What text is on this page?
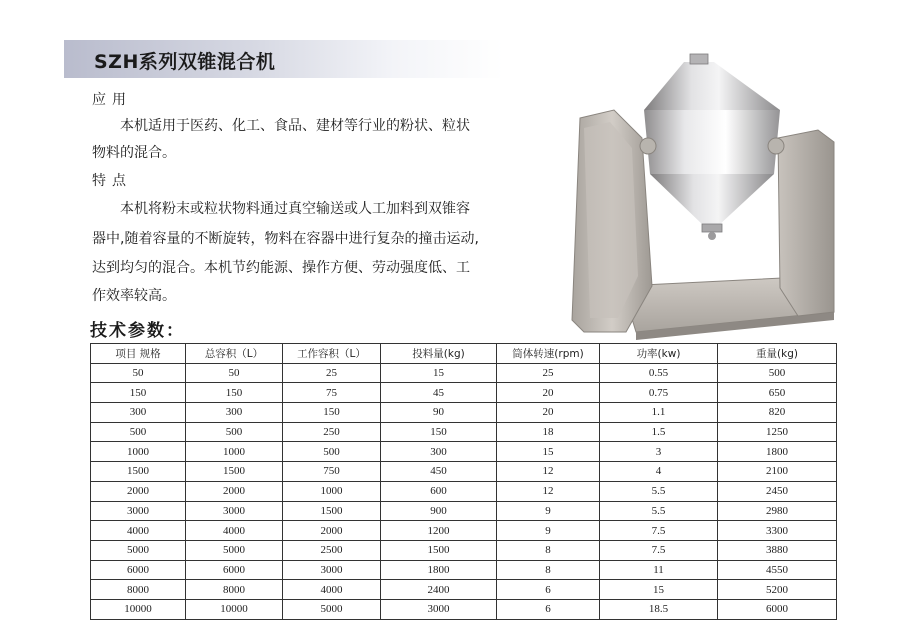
SZH系列双锥混合机
应用
本机适用于医药、化工、食品、建材等行业的粉状、粒状
物料的混合。
特点
本机将粉末或粒状物料通过真空输送或人工加料到双锥容
器中,随着容量的不断旋转，物料在容器中进行复杂的撞击运动,
达到均匀的混合。本机节约能源、操作方便、劳动强度低、工
作效率较高。
技术参数：
项目 规格	总容积（L）	工作容积（L）	投料量(kg)	筒体转速(rpm)	功率(kw)	重量(kg)
50	50	25	15	25	0.55	500
150	150	75	45	20	0.75	650
300	300	150	90	20	1.1	820
500	500	250	150	18	1.5	1250
1000	1000	500	300	15	3	1800
1500	1500	750	450	12	4	2100
2000	2000	1000	600	12	5.5	2450
3000	3000	1500	900	9	5.5	2980
4000	4000	2000	1200	9	7.5	3300
5000	5000	2500	1500	8	7.5	3880
6000	6000	3000	1800	8	11	4550
8000	8000	4000	2400	6	15	5200
10000	10000	5000	3000	6	18.5	6000
